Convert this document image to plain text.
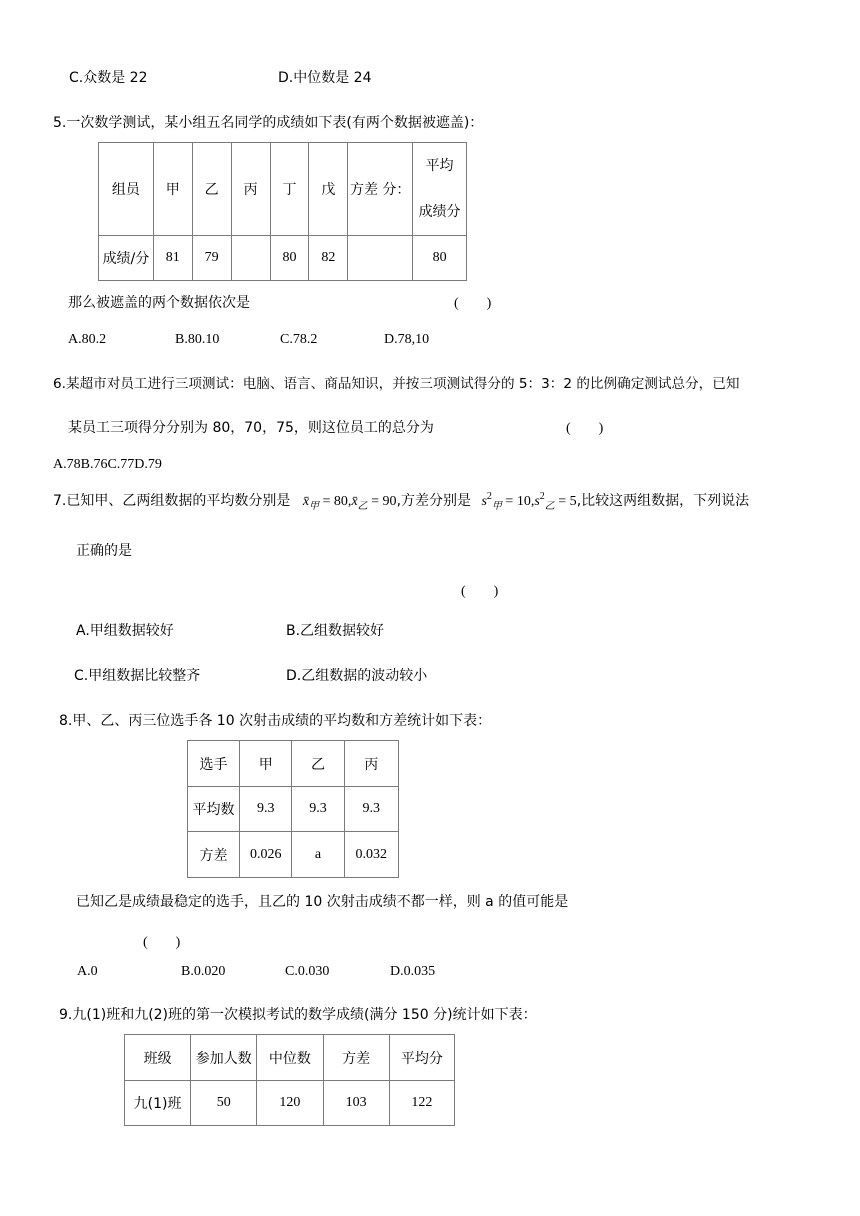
C.众数是 22	D.中位数是 24
5.一次数学测试，某小组五名同学的成绩如下表(有两个数据被遮盖)：
组员	甲	乙	丙	丁	戊	方差 分：	平均
成绩分

成绩/分	81	79		80	82		80
那么被遮盖的两个数据依次是	(　　)
A.80.2	B.80.10	C.78.2	D.78,10
6.某超市对员工进行三项测试：电脑、语言、商品知识，并按三项测试得分的 5：3：2 的比例确定测试总分，已知
某员工三项得分分别为 80，70，75，则这位员工的总分为	(　　)
A.78B.76C.77D.79
7.已知甲、乙两组数据的平均数分别是 $x̄_甲$ = $80,x̄_乙 = 90$,方差分别是 $s^2_甲 = 10,s^2_乙 = 5$,比较这两组数据，下列说法
正确的是
(　　)
A.甲组数据较好	B.乙组数据较好
C.甲组数据比较整齐	D.乙组数据的波动较小
8.甲、乙、丙三位选手各 10 次射击成绩的平均数和方差统计如下表：
选手	甲	乙	丙
平均数	9.3	9.3	9.3
方差	0.026	a	0.032
已知乙是成绩最稳定的选手，且乙的 10 次射击成绩不都一样，则 a 的值可能是
(　　)
A.0	B.0.020	C.0.030	D.0.035
9.九(1)班和九(2)班的第一次模拟考试的数学成绩(满分 150 分)统计如下表：
班级	参加人数	中位数	方差	平均分
九(1)班	50	120	103	122
